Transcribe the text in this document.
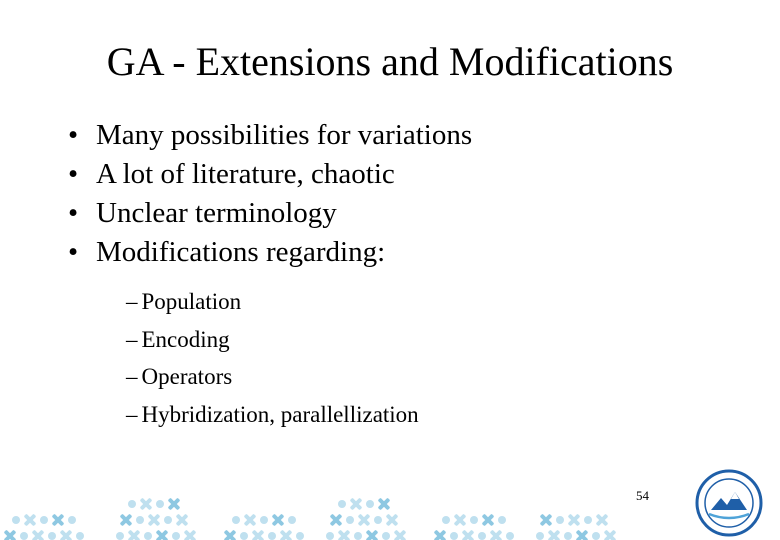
GA - Extensions and Modifications
• Many possibilities for variations
• A lot of literature, chaotic
• Unclear terminology
• Modifications regarding:
– Population
– Encoding
– Operators
– Hybridization, parallellization
54
